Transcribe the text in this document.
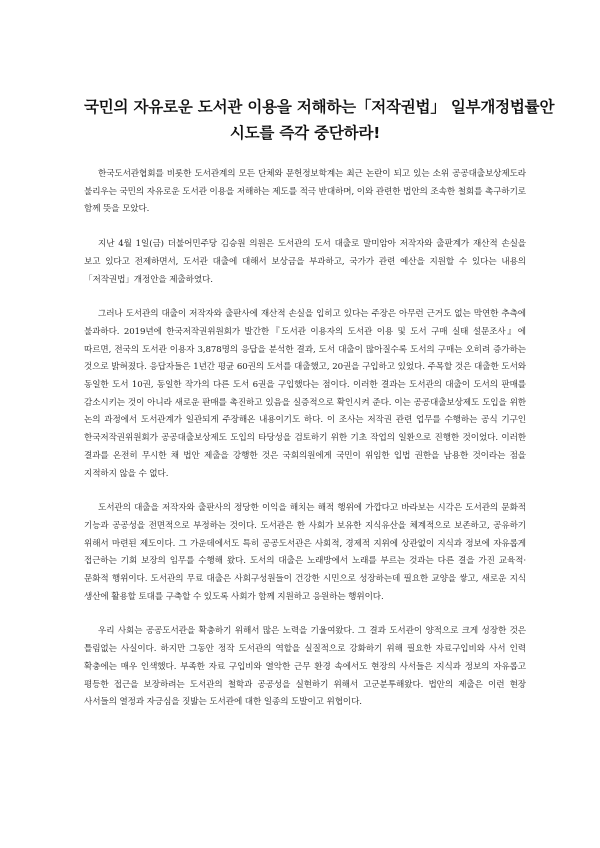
국민의 자유로운 도서관 이용을 저해하는「저작권법」 일부개정법률안
시도를 즉각 중단하라!

한국도서관협회를 비롯한 도서관계의 모든 단체와 문헌정보학계는 최근 논란이 되고 있는 소위 공공대출보상제도라 불리우는 국민의 자유로운 도서관 이용을 저해하는 제도를 적극 반대하며, 이와 관련한 법안의 조속한 철회를 촉구하기로 함께 뜻을 모았다.

지난 4월 1일(금) 더불어민주당 김승원 의원은 도서관의 도서 대출로 말미암아 저작자와 출판계가 재산적 손실을 보고 있다고 전제하면서, 도서관 대출에 대해서 보상금을 부과하고, 국가가 관련 예산을 지원할 수 있다는 내용의「저작권법」개정안을 제출하였다.

그러나 도서관의 대출이 저작자와 출판사에 재산적 손실을 입히고 있다는 주장은 아무런 근거도 없는 막연한 추측에 불과하다. 2019년에 한국저작권위원회가 발간한『도서관 이용자의 도서관 이용 및 도서 구매 실태 설문조사』에 따르면, 전국의 도서관 이용자 3,878명의 응답을 분석한 결과, 도서 대출이 많아질수록 도서의 구매는 오히려 증가하는 것으로 밝혀졌다. 응답자들은 1년간 평균 60권의 도서를 대출했고, 20권을 구입하고 있었다. 주목할 것은 대출한 도서와 동일한 도서 10권, 동일한 작가의 다른 도서 6권을 구입했다는 점이다. 이러한 결과는 도서관의 대출이 도서의 판매를 감소시키는 것이 아니라 새로운 판매를 촉진하고 있음을 실증적으로 확인시켜 준다. 이는 공공대출보상제도 도입을 위한 논의 과정에서 도서관계가 일관되게 주장해온 내용이기도 하다. 이 조사는 저작권 관련 업무를 수행하는 공식 기구인 한국저작권위원회가 공공대출보상제도 도입의 타당성을 검토하기 위한 기초 작업의 일환으로 진행한 것이었다. 이러한 결과를 온전히 무시한 채 법안 제출을 강행한 것은 국회의원에게 국민이 위임한 입법 권한을 남용한 것이라는 점을 지적하지 않을 수 없다.

도서관의 대출을 저작자와 출판사의 정당한 이익을 해치는 해적 행위에 가깝다고 바라보는 시각은 도서관의 문화적 기능과 공공성을 전면적으로 부정하는 것이다. 도서관은 한 사회가 보유한 지식유산을 체계적으로 보존하고, 공유하기 위해서 마련된 제도이다. 그 가운데에서도 특히 공공도서관은 사회적, 경제적 지위에 상관없이 지식과 정보에 자유롭게 접근하는 기회 보장의 임무를 수행해 왔다. 도서의 대출은 노래방에서 노래를 부르는 것과는 다른 결을 가진 교육적·문화적 행위이다. 도서관의 무료 대출은 사회구성원들이 건강한 시민으로 성장하는데 필요한 교양을 쌓고, 새로운 지식 생산에 활용할 토대를 구축할 수 있도록 사회가 함께 지원하고 응원하는 행위이다.

우리 사회는 공공도서관을 확충하기 위해서 많은 노력을 기울여왔다. 그 결과 도서관이 양적으로 크게 성장한 것은 틀림없는 사실이다. 하지만 그동안 정작 도서관의 역할을 실질적으로 강화하기 위해 필요한 자료구입비와 사서 인력 확충에는 매우 인색했다. 부족한 자료 구입비와 열악한 근무 환경 속에서도 현장의 사서들은 지식과 정보의 자유롭고 평등한 접근을 보장하려는 도서관의 철학과 공공성을 실현하기 위해서 고군분투해왔다. 법안의 제출은 이런 현장 사서들의 열정과 자긍심을 짓밟는 도서관에 대한 일종의 도발이고 위협이다.
